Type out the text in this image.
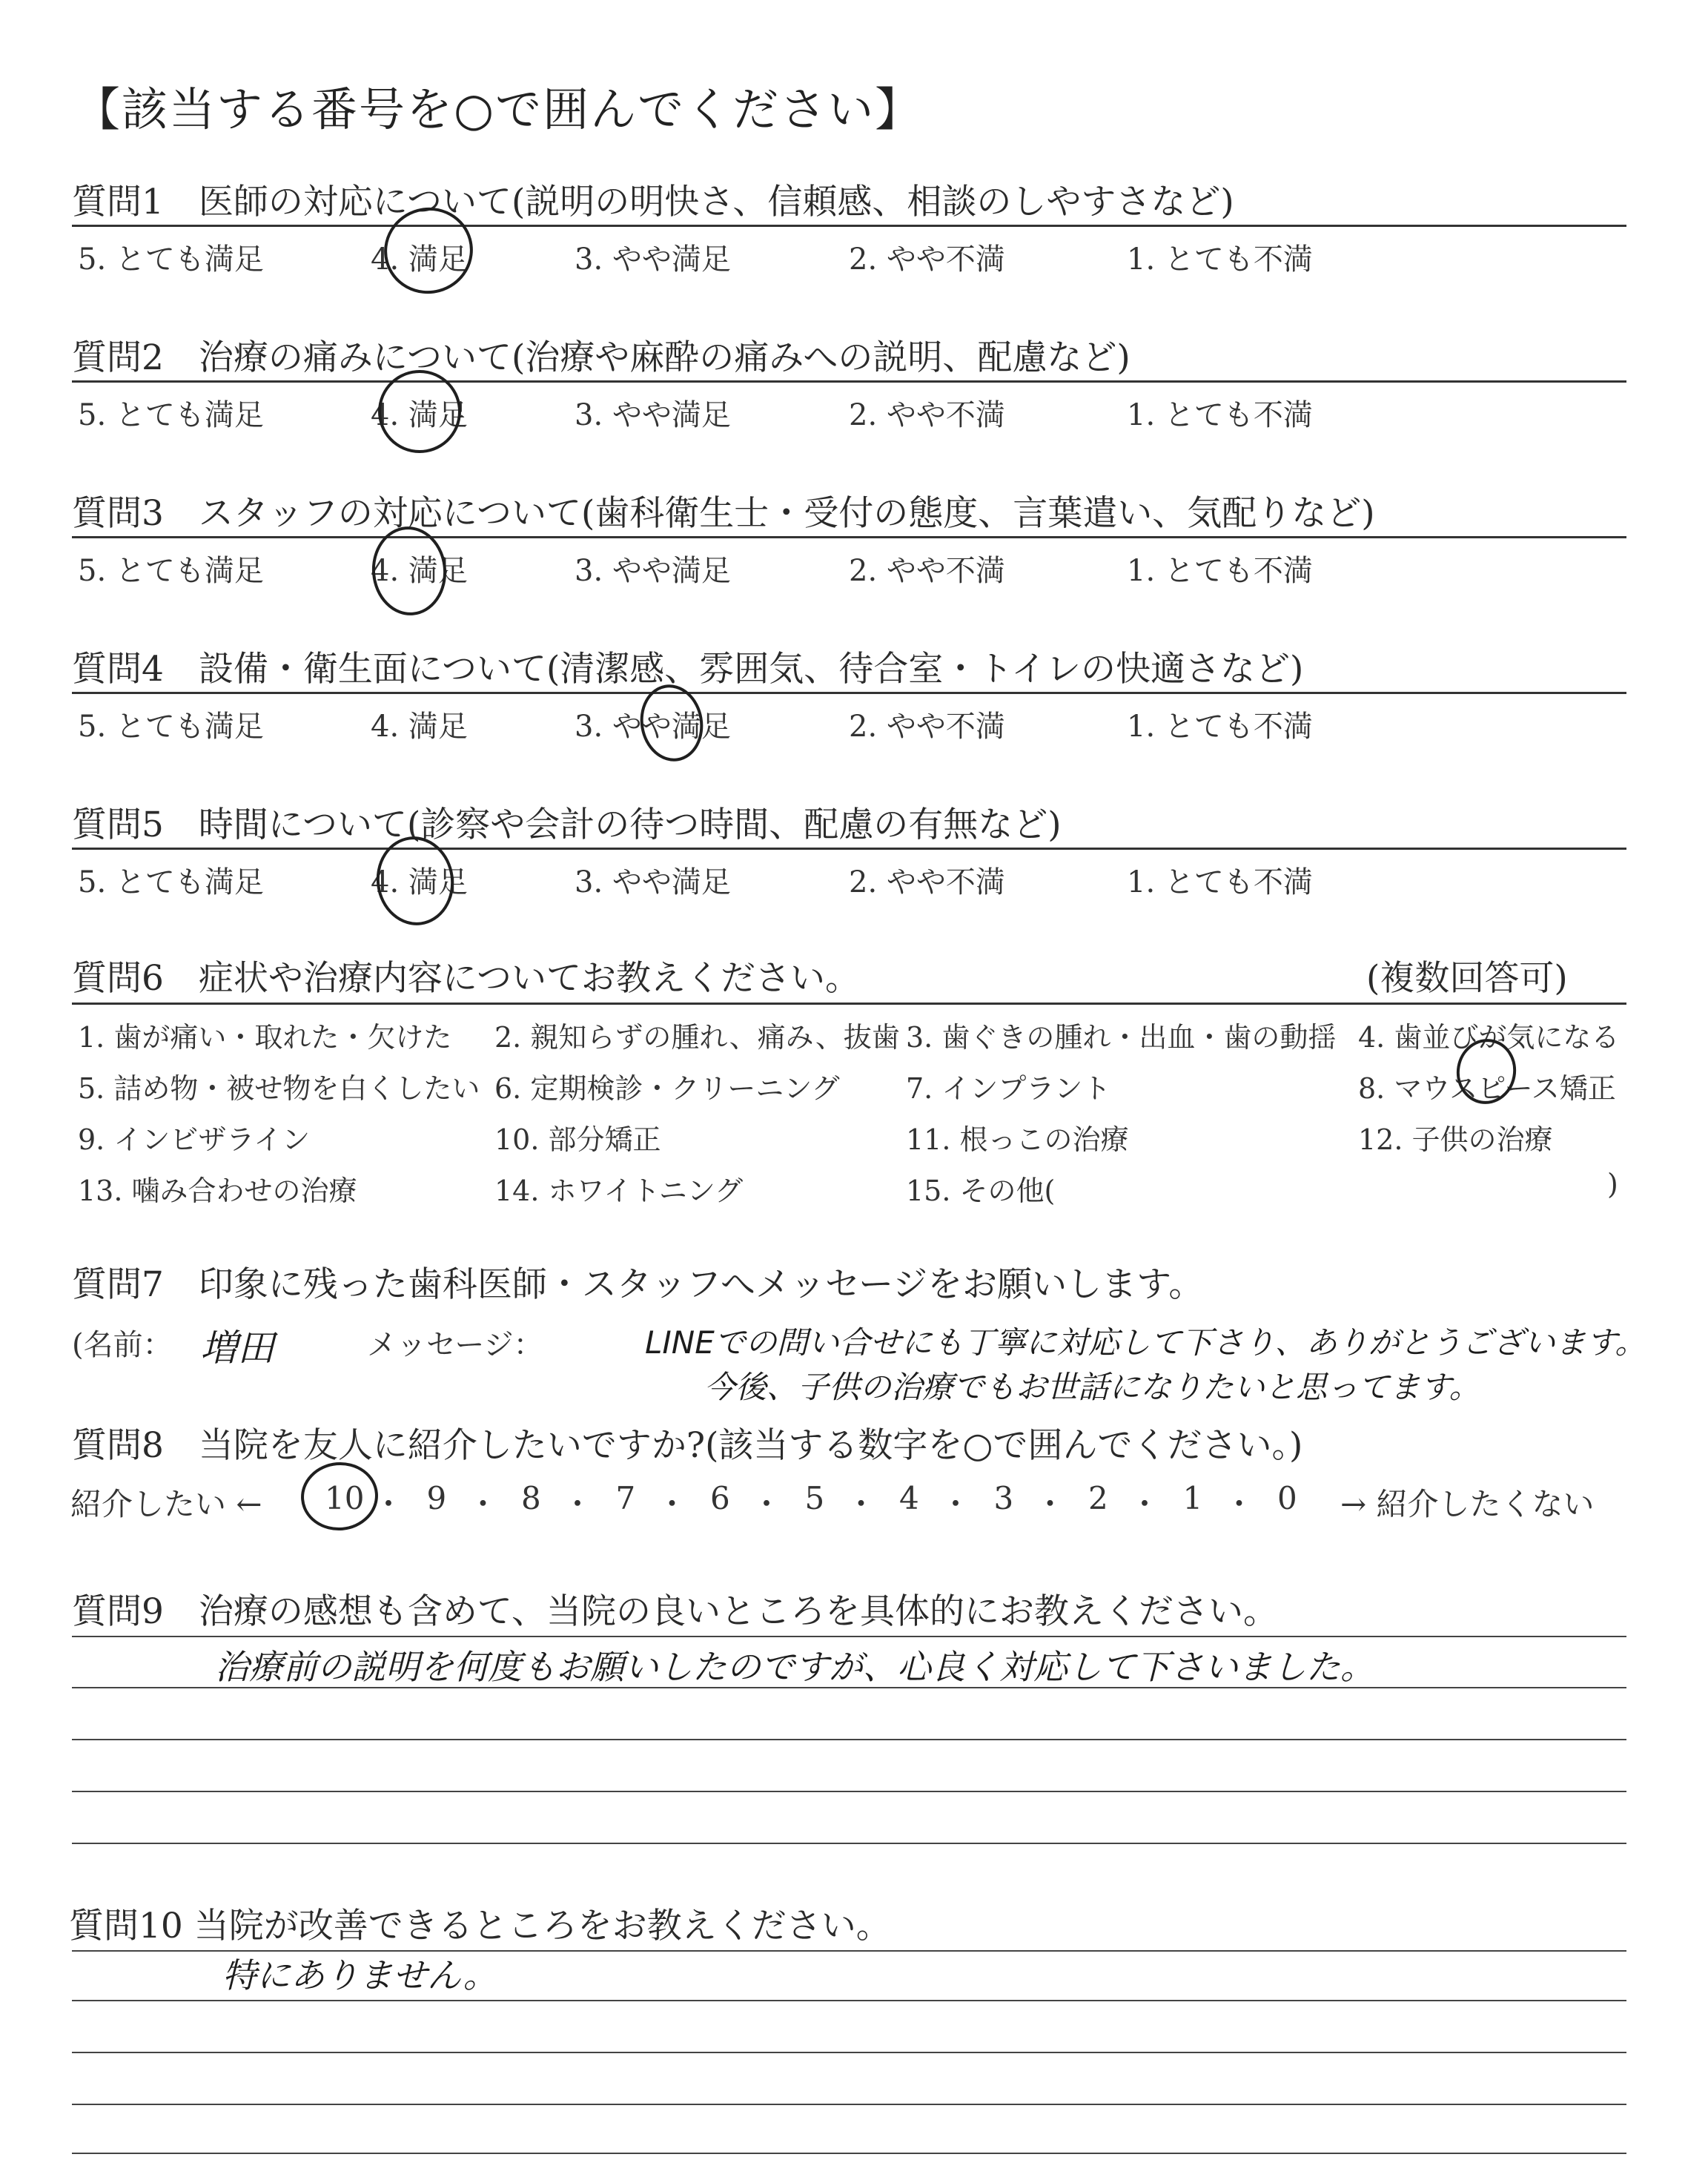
【該当する番号を○で囲んでください】
質問1　医師の対応について(説明の明快さ、信頼感、相談のしやすさなど)
5. とても満足	4. 満足	3. やや満足	2. やや不満	1. とても不満
質問2　治療の痛みについて(治療や麻酔の痛みへの説明、配慮など)
5. とても満足	4. 満足	3. やや満足	2. やや不満	1. とても不満
質問3　スタッフの対応について(歯科衛生士・受付の態度、言葉遣い、気配りなど)
5. とても満足	4. 満足	3. やや満足	2. やや不満	1. とても不満
質問4　設備・衛生面について(清潔感、雰囲気、待合室・トイレの快適さなど)
5. とても満足	4. 満足	3. やや満足	2. やや不満	1. とても不満
質問5　時間について(診察や会計の待つ時間、配慮の有無など)
5. とても満足	4. 満足	3. やや満足	2. やや不満	1. とても不満
質問6　症状や治療内容についてお教えください。	(複数回答可)
1. 歯が痛い・取れた・欠けた 2. 親知らずの腫れ、痛み、抜歯 3. 歯ぐきの腫れ・出血・歯の動揺 4. 歯並びが気になる
5. 詰め物・被せ物を白くしたい 6. 定期検診・クリーニング 7. インプラント	8. マウスピース矯正
9. インビザライン	10. 部分矯正	11. 根っこの治療	12. 子供の治療
13. 噛み合わせの治療	14. ホワイトニング	15. その他(	)
質問7　印象に残った歯科医師・スタッフへメッセージをお願いします。
(名前： 増田	メッセージ：	LINEでの問い合せにも丁寧に対応して下さり、ありがとうございます。
今後、子供の治療でもお世話になりたいと思ってます。
質問8　当院を友人に紹介したいですか?(該当する数字を○で囲んでください。)
紹介したい ← 10 ・ 9 ・ 8 ・ 7 ・ 6 ・ 5 ・ 4 ・ 3 ・ 2 ・ 1 ・ 0 → 紹介したくない
質問9　治療の感想も含めて、当院の良いところを具体的にお教えください。
治療前の説明を何度もお願いしたのですが、心良く対応して下さいました。
質問10 当院が改善できるところをお教えください。
特にありません。
